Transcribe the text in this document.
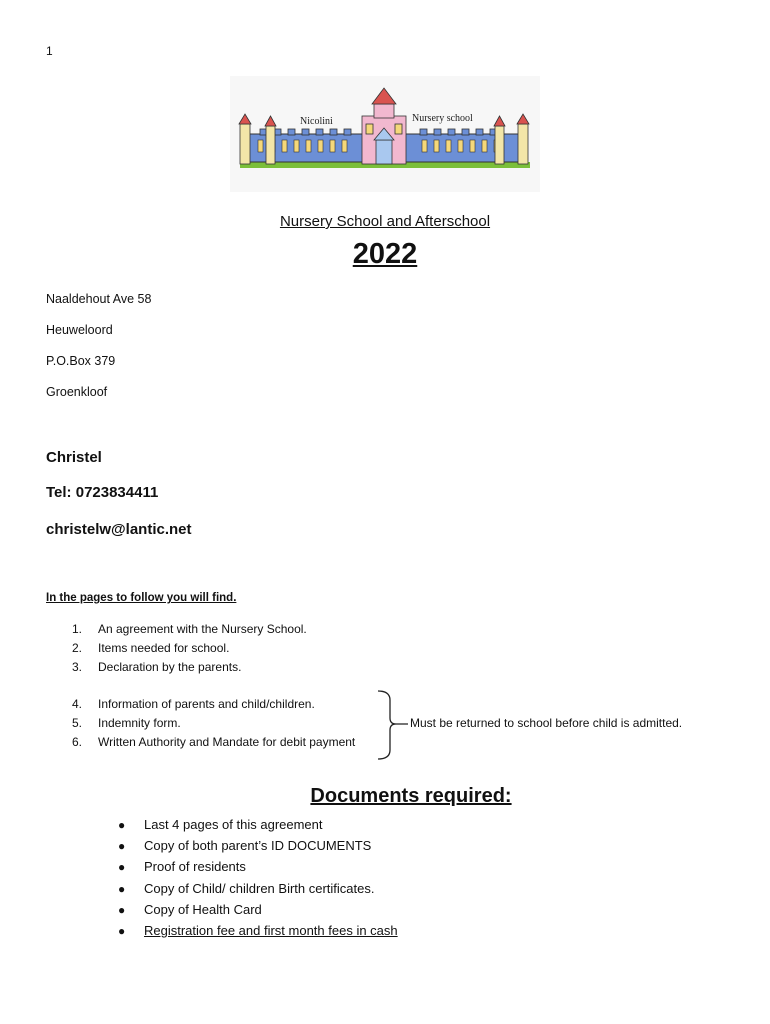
1
Nicolini	Nursery school
Nursery School and Afterschool
2022
Naaldehout Ave 58
Heuweloord
P.O.Box 379
Groenkloof
Christel
Tel: 0723834411
christelw@lantic.net
In the pages to follow you will find.
1. An agreement with the Nursery School.
2. Items needed for school.
3. Declaration by the parents.
4. Information of parents and child/children.
5. Indemnity form.
6. Written Authority and Mandate for debit payment
Must be returned to school before child is admitted.
Documents required:
● Last 4 pages of this agreement
● Copy of both parent’s ID DOCUMENTS
● Proof of residents
● Copy of Child/ children Birth certificates.
● Copy of Health Card
● Registration fee and first month fees in cash
